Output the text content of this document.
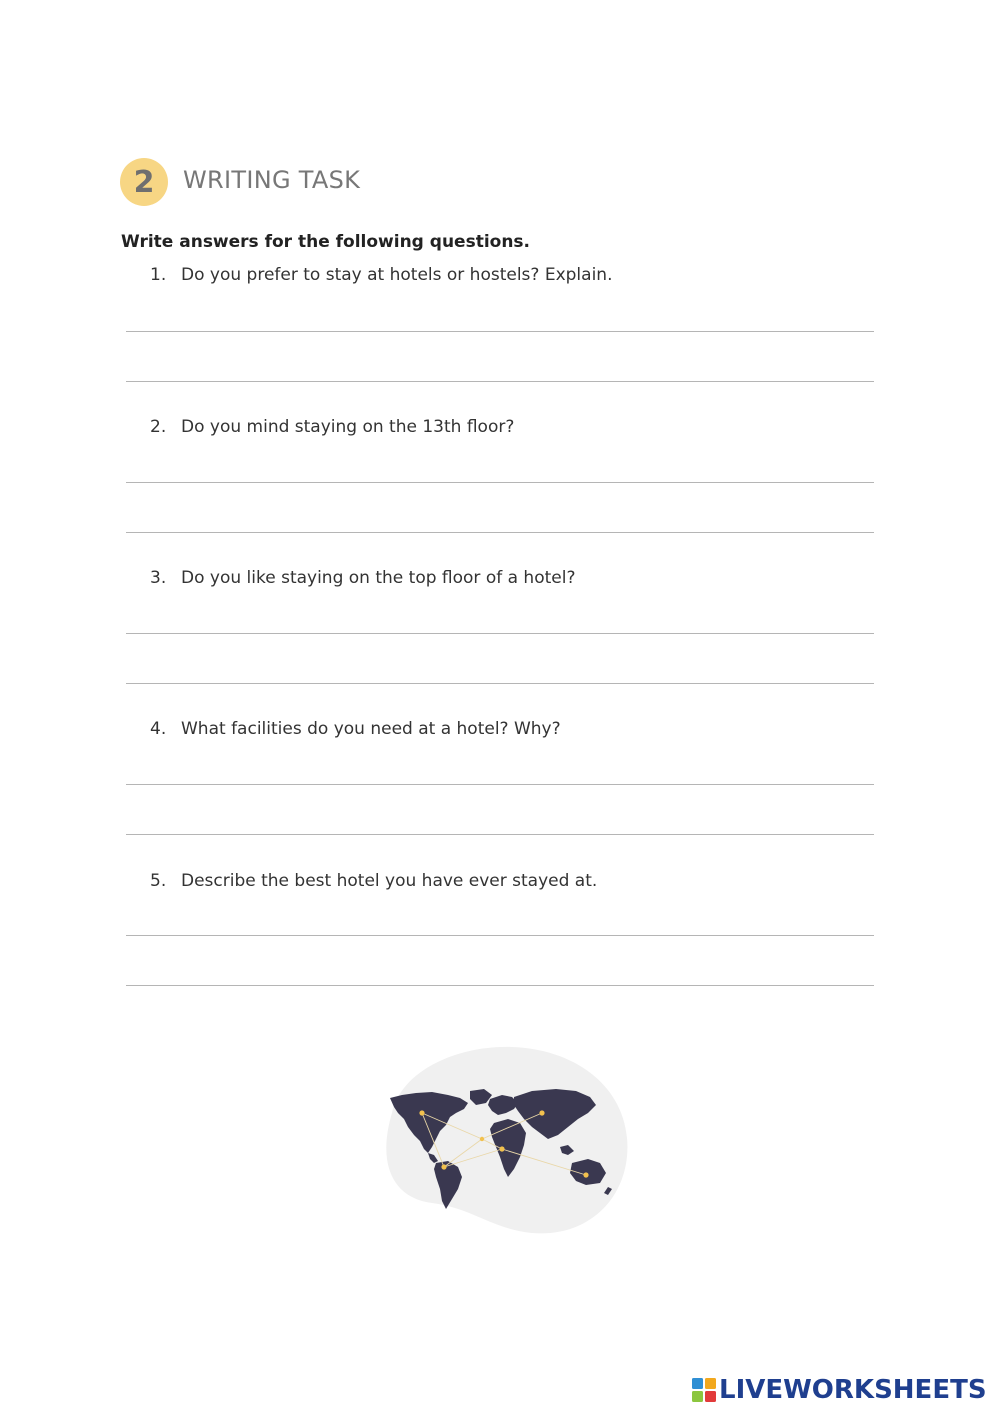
2 WRITING TASK
Write answers for the following questions.
1. Do you prefer to stay at hotels or hostels? Explain.
2. Do you mind staying on the 13th floor?
3. Do you like staying on the top floor of a hotel?
4. What facilities do you need at a hotel? Why?
5. Describe the best hotel you have ever stayed at.
LIVEWORKSHEETS
